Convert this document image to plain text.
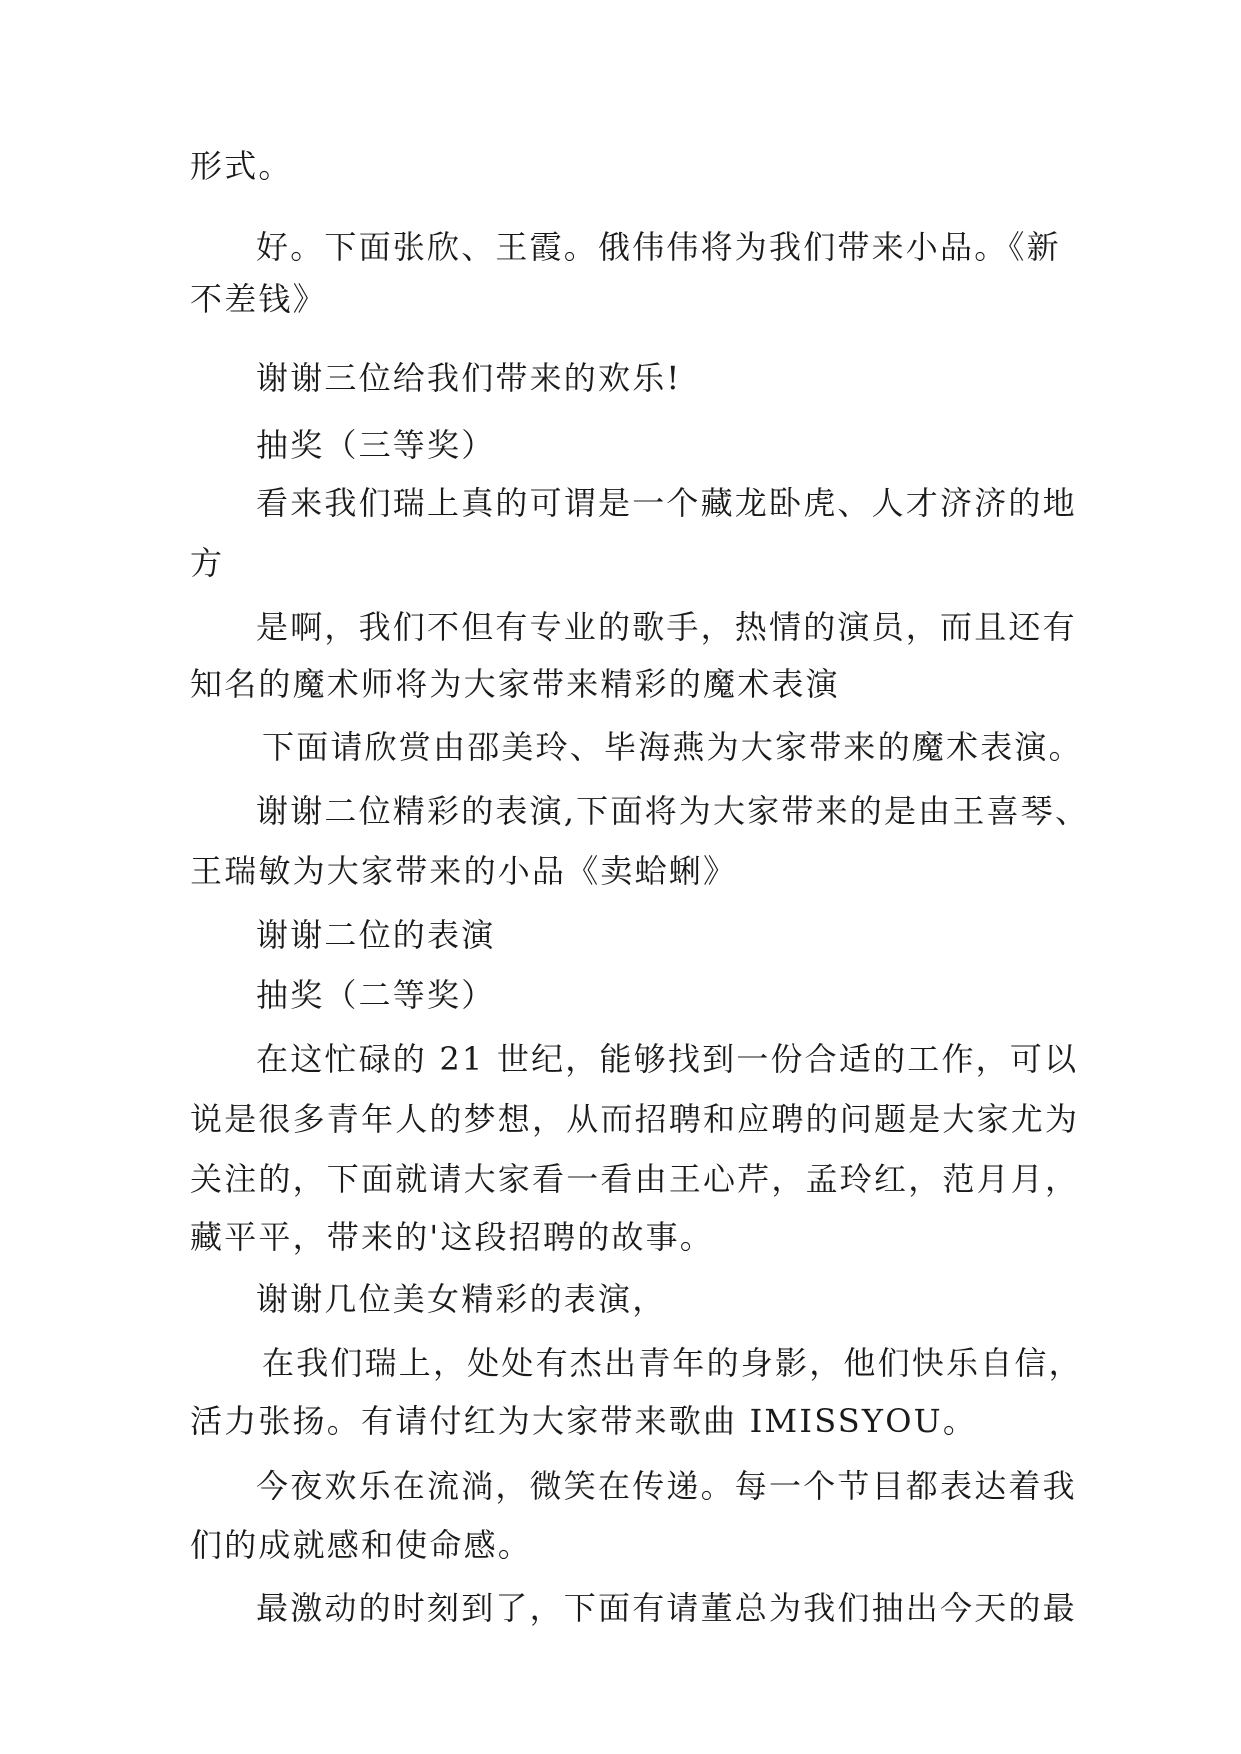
形式。
好。下面张欣、王霞。俄伟伟将为我们带来小品。《新
不差钱》
谢谢三位给我们带来的欢乐!
抽奖（三等奖）
看来我们瑞上真的可谓是一个藏龙卧虎、人才济济的地
方
是啊，我们不但有专业的歌手，热情的演员，而且还有
知名的魔术师将为大家带来精彩的魔术表演
下面请欣赏由邵美玲、毕海燕为大家带来的魔术表演。
谢谢二位精彩的表演,下面将为大家带来的是由王喜琴、
王瑞敏为大家带来的小品《卖蛤蜊》
谢谢二位的表演
抽奖（二等奖）
在这忙碌的 21 世纪，能够找到一份合适的工作，可以
说是很多青年人的梦想，从而招聘和应聘的问题是大家尤为
关注的，下面就请大家看一看由王心芹，孟玲红，范月月，
藏平平，带来的'这段招聘的故事。
谢谢几位美女精彩的表演，
在我们瑞上，处处有杰出青年的身影，他们快乐自信，
活力张扬。有请付红为大家带来歌曲 IMISSYOU。
今夜欢乐在流淌，微笑在传递。每一个节目都表达着我
们的成就感和使命感。
最激动的时刻到了，下面有请董总为我们抽出今天的最
